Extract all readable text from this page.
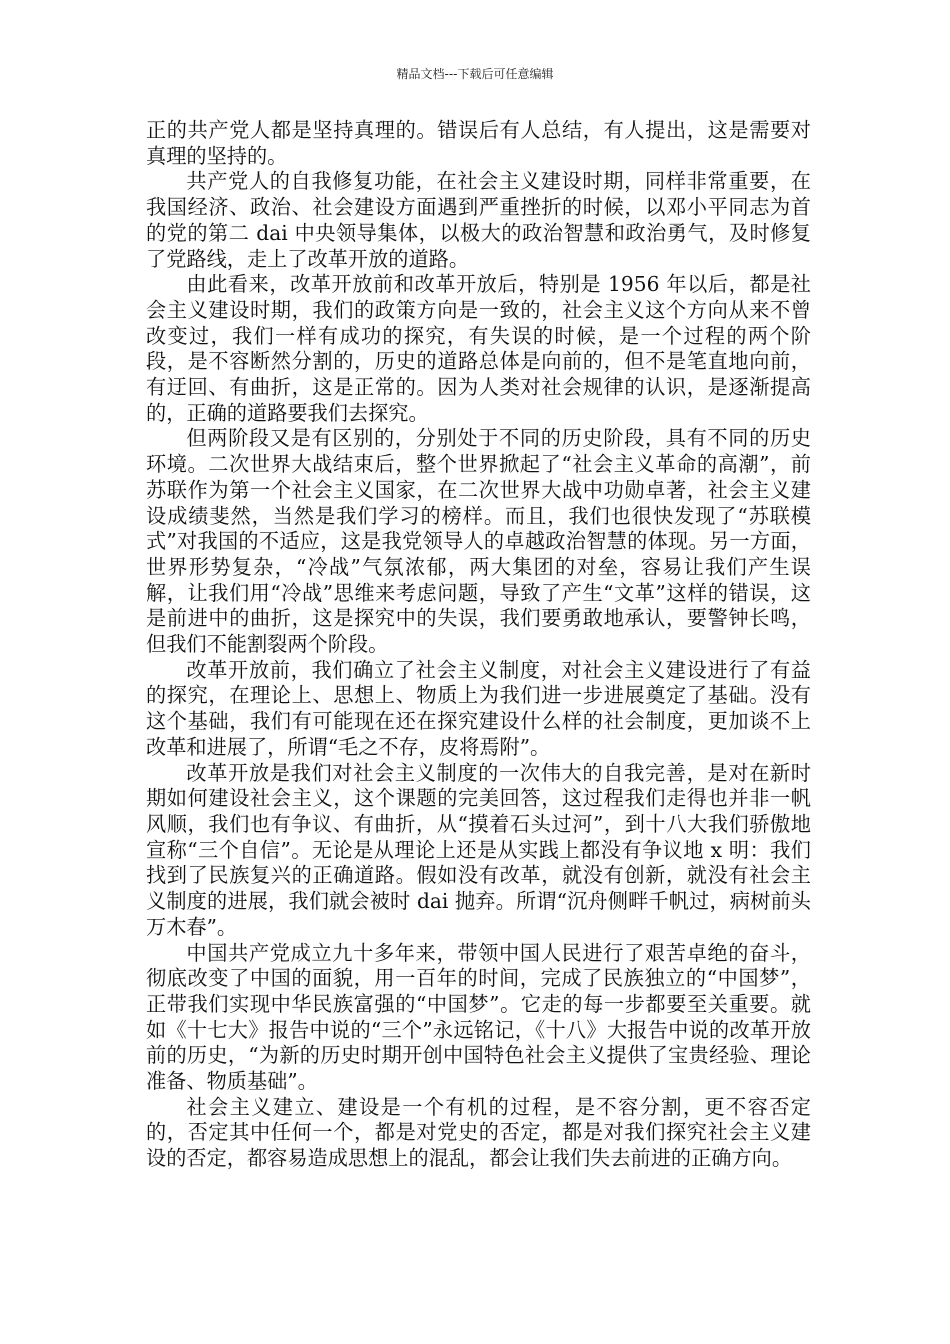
精品文档---下载后可任意编辑

正的共产党人都是坚持真理的。错误后有人总结，有人提出，这是需要对真理的坚持的。

共产党人的自我修复功能，在社会主义建设时期，同样非常重要，在我国经济、政治、社会建设方面遇到严重挫折的时候，以邓小平同志为首的党的第二 dai 中央领导集体，以极大的政治智慧和政治勇气，及时修复了党路线，走上了改革开放的道路。

由此看来，改革开放前和改革开放后，特别是 1956 年以后，都是社会主义建设时期，我们的政策方向是一致的，社会主义这个方向从来不曾改变过，我们一样有成功的探究，有失误的时候，是一个过程的两个阶段，是不容断然分割的，历史的道路总体是向前的，但不是笔直地向前，有迂回、有曲折，这是正常的。因为人类对社会规律的认识，是逐渐提高的，正确的道路要我们去探究。

但两阶段又是有区别的，分别处于不同的历史阶段，具有不同的历史环境。二次世界大战结束后，整个世界掀起了“社会主义革命的高潮”，前苏联作为第一个社会主义国家，在二次世界大战中功勋卓著，社会主义建设成绩斐然，当然是我们学习的榜样。而且，我们也很快发现了“苏联模式”对我国的不适应，这是我党领导人的卓越政治智慧的体现。另一方面，世界形势复杂，“冷战”气氛浓郁，两大集团的对垒，容易让我们产生误解，让我们用“冷战”思维来考虑问题，导致了产生“文革”这样的错误，这是前进中的曲折，这是探究中的失误，我们要勇敢地承认，要警钟长鸣，但我们不能割裂两个阶段。

改革开放前，我们确立了社会主义制度，对社会主义建设进行了有益的探究，在理论上、思想上、物质上为我们进一步进展奠定了基础。没有这个基础，我们有可能现在还在探究建设什么样的社会制度，更加谈不上改革和进展了，所谓“毛之不存，皮将焉附”。

改革开放是我们对社会主义制度的一次伟大的自我完善，是对在新时期如何建设社会主义，这个课题的完美回答，这过程我们走得也并非一帆风顺，我们也有争议、有曲折，从“摸着石头过河”，到十八大我们骄傲地宣称“三个自信”。无论是从理论上还是从实践上都没有争议地 x 明：我们找到了民族复兴的正确道路。假如没有改革，就没有创新，就没有社会主义制度的进展，我们就会被时 dai 抛弃。所谓“沉舟侧畔千帆过，病树前头万木春”。

中国共产党成立九十多年来，带领中国人民进行了艰苦卓绝的奋斗，彻底改变了中国的面貌，用一百年的时间，完成了民族独立的“中国梦”，正带我们实现中华民族富强的“中国梦”。它走的每一步都要至关重要。就如《十七大》报告中说的“三个”永远铭记，《十八》大报告中说的改革开放前的历史，“为新的历史时期开创中国特色社会主义提供了宝贵经验、理论准备、物质基础”。

社会主义建立、建设是一个有机的过程，是不容分割，更不容否定的，否定其中任何一个，都是对党史的否定，都是对我们探究社会主义建设的否定，都容易造成思想上的混乱，都会让我们失去前进的正确方向。
